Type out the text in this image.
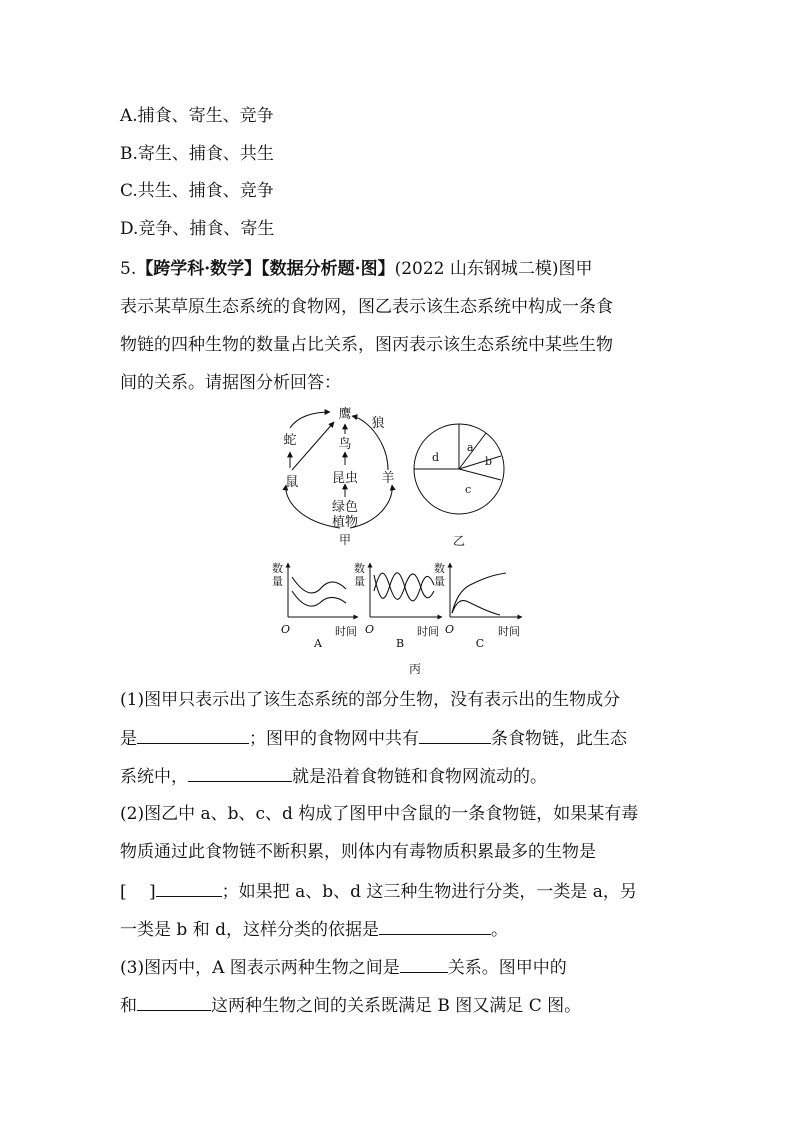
A.捕食、寄生、竞争
B.寄生、捕食、共生
C.共生、捕食、竞争
D.竞争、捕食、寄生
5.【跨学科·数学】【数据分析题·图】(2022 山东钢城二模)图甲
表示某草原生态系统的食物网，图乙表示该生态系统中构成一条食
物链的四种生物的数量占比关系，图丙表示该生态系统中某些生物
间的关系。请据图分析回答：
鹰
狼
蛇	鸟
昆虫 羊
鼠
绿色
植物
甲
a
b
c
d
乙
数
量
O	时间
A
数
量
O	时间
B
数
量
O	时间
C
丙
(1)图甲只表示出了该生态系统的部分生物，没有表示出的生物成分
是	；图甲的食物网中共有	条食物链，此生态
系统中，	就是沿着食物链和食物网流动的。
(2)图乙中 a、b、c、d 构成了图甲中含鼠的一条食物链，如果某有毒
物质通过此食物链不断积累，则体内有毒物质积累最多的生物是
[　 ]	；如果把 a、b、d 这三种生物进行分类，一类是 a，另
一类是 b 和 d，这样分类的依据是	。
(3)图丙中，A 图表示两种生物之间是	关系。图甲中的
和	这两种生物之间的关系既满足 B 图又满足 C 图。
